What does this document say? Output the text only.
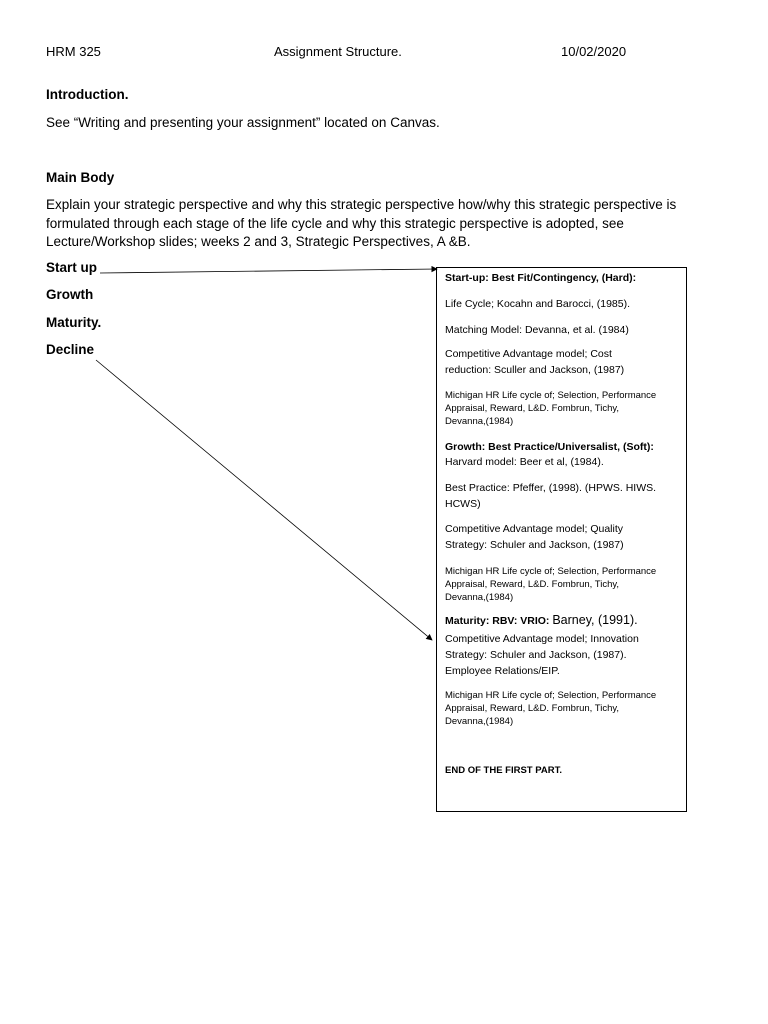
HRM 325	Assignment Structure.	10/02/2020
Introduction.
See “Writing and presenting your assignment” located on Canvas.
Main Body
Explain your strategic perspective and why this strategic perspective how/why this strategic perspective is
formulated through each stage of the life cycle and why this strategic perspective is adopted, see
Lecture/Workshop slides; weeks 2 and 3, Strategic Perspectives, A &B.
Start up
Growth
Maturity.
Decline
Start-up: Best Fit/Contingency, (Hard):
Life Cycle; Kocahn and Barocci, (1985).
Matching Model: Devanna, et al. (1984)
Competitive Advantage model; Cost
reduction: Sculler and Jackson, (1987)
Michigan HR Life cycle of; Selection, Performance
Appraisal, Reward, L&D. Fombrun, Tichy,
Devanna,(1984)
Growth: Best Practice/Universalist, (Soft):
Harvard model: Beer et al, (1984).
Best Practice: Pfeffer, (1998). (HPWS. HIWS.
HCWS)
Competitive Advantage model; Quality
Strategy: Schuler and Jackson, (1987)
Michigan HR Life cycle of; Selection, Performance
Appraisal, Reward, L&D. Fombrun, Tichy,
Devanna,(1984)
Maturity: RBV: VRIO: Barney, (1991).
Competitive Advantage model; Innovation
Strategy: Schuler and Jackson, (1987).
Employee Relations/EIP.
Michigan HR Life cycle of; Selection, Performance
Appraisal, Reward, L&D. Fombrun, Tichy,
Devanna,(1984)
END OF THE FIRST PART.
